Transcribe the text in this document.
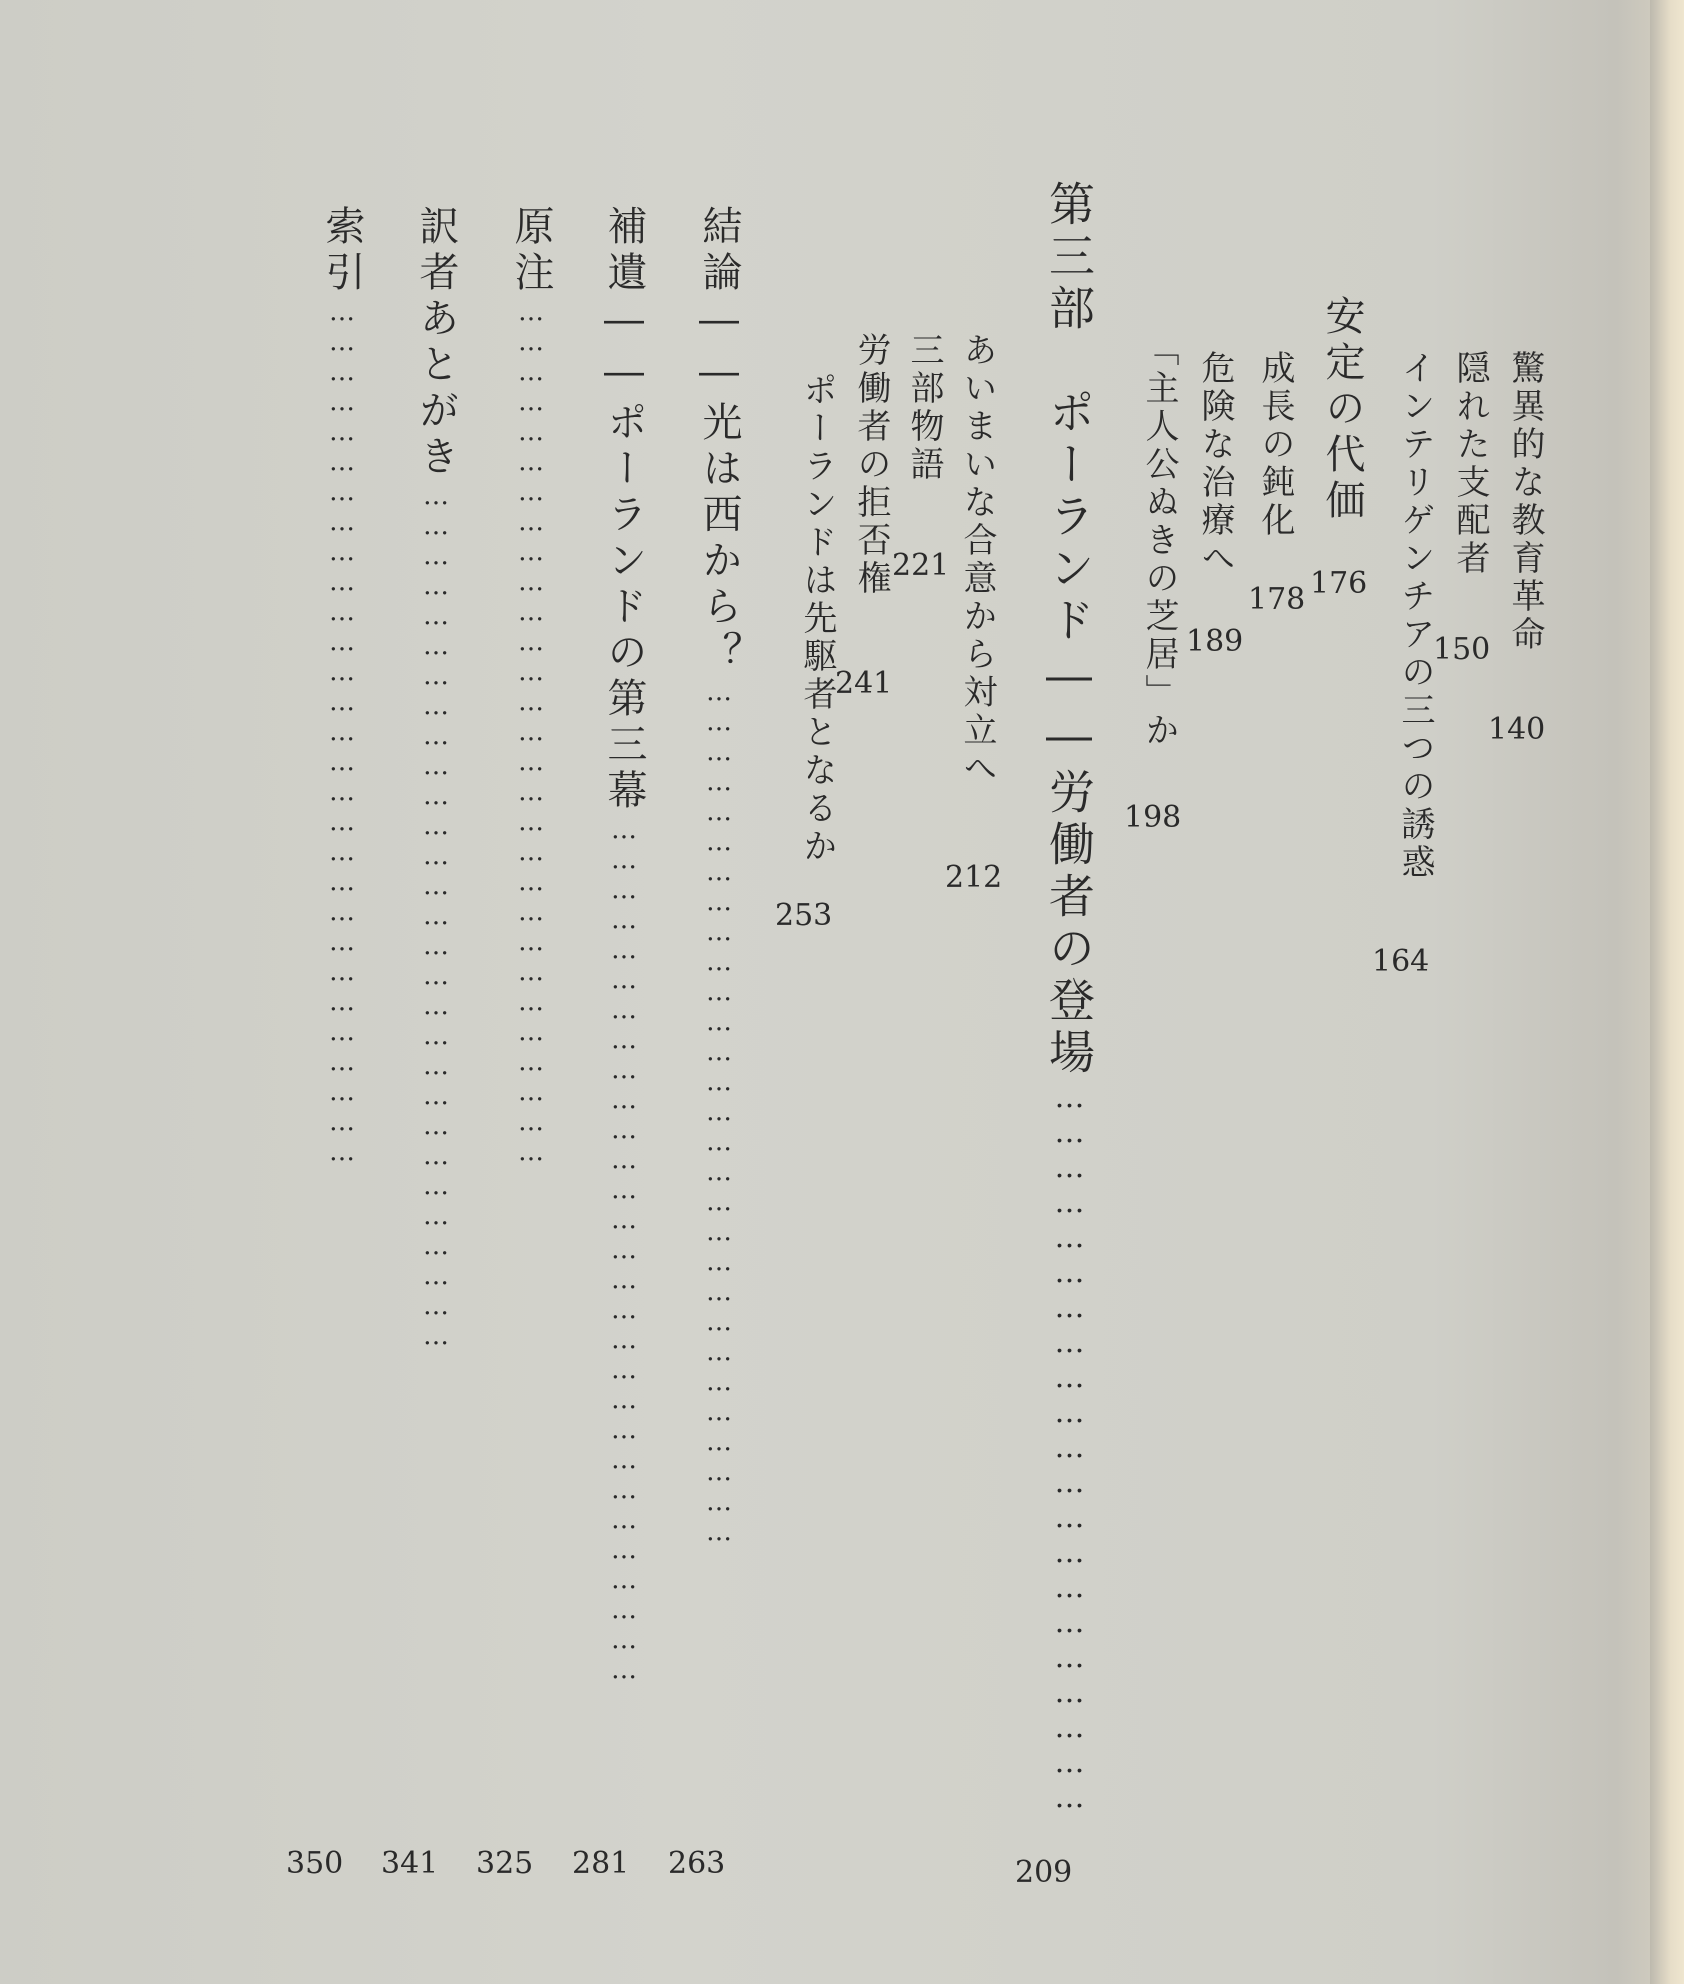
驚異的な教育革命
140
隠れた支配者
150
インテリゲンチアの三つの誘惑
164
安定の代価
176
成長の鈍化
178
危険な治療へ
189
「主人公ぬきの芝居」か
198
第三部　ポーランド――労働者の登場………………………………………………………
209
あいまいな合意から対立へ
212
三部物語
221
労働者の拒否権
241
ポーランドは先駆者となるか
253
結論――光は西から？……………………………………………………………………………
263
補遺――ポーランドの第三幕……………………………………………………………………………
281
原注……………………………………………………………………………
325
訳者あとがき……………………………………………………………………………
341
索引……………………………………………………………………………
350
